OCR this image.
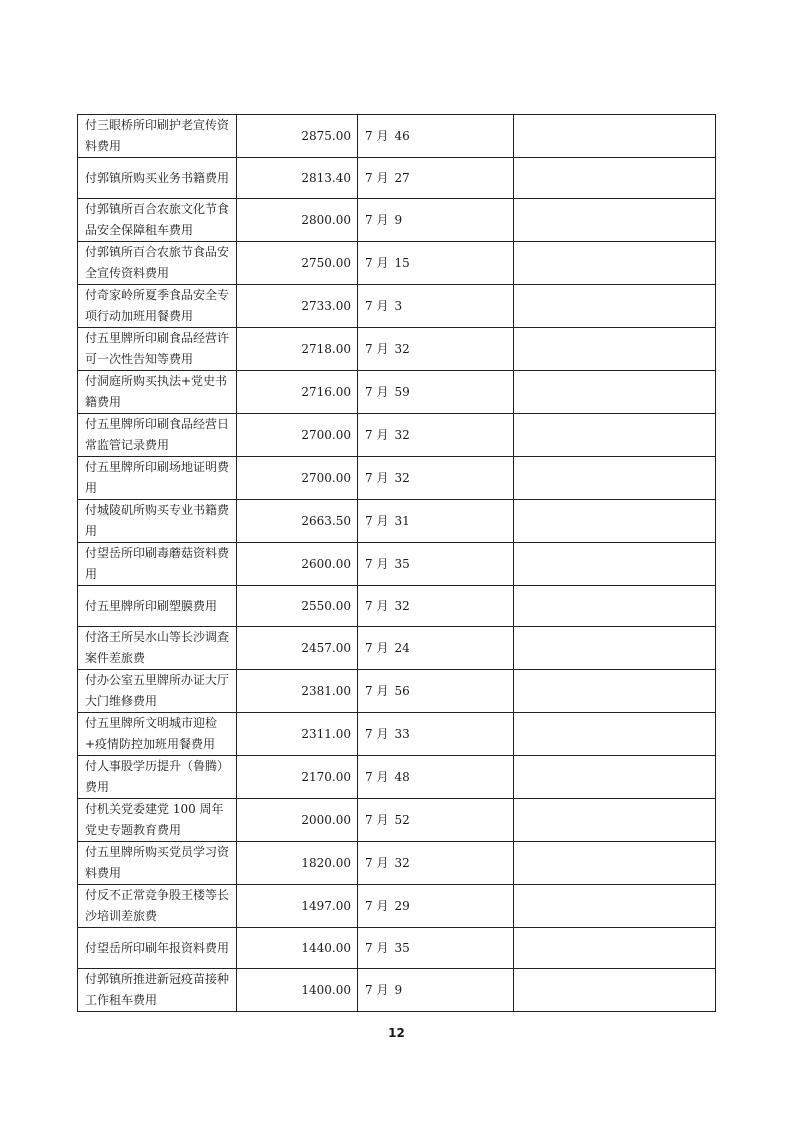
付三眼桥所印刷护老宣传资料费用	2875.00	7 月 46	
付郭镇所购买业务书籍费用	2813.40	7 月 27	
付郭镇所百合农旅文化节食品安全保障租车费用	2800.00	7 月 9	
付郭镇所百合农旅节食品安全宣传资料费用	2750.00	7 月 15	
付奇家岭所夏季食品安全专项行动加班用餐费用	2733.00	7 月 3	
付五里牌所印刷食品经营许可一次性告知等费用	2718.00	7 月 32	
付洞庭所购买执法+党史书籍费用	2716.00	7 月 59	
付五里牌所印刷食品经营日常监管记录费用	2700.00	7 月 32	
付五里牌所印刷场地证明费用	2700.00	7 月 32	
付城陵矶所购买专业书籍费用	2663.50	7 月 31	
付望岳所印刷毒蘑菇资料费用	2600.00	7 月 35	
付五里牌所印刷塑膜费用	2550.00	7 月 32	
付洛王所吴水山等长沙调查案件差旅费	2457.00	7 月 24	
付办公室五里牌所办证大厅大门维修费用	2381.00	7 月 56	
付五里牌所文明城市迎检+疫情防控加班用餐费用	2311.00	7 月 33	
付人事股学历提升（鲁腾）费用	2170.00	7 月 48	
付机关党委建党 100 周年党史专题教育费用	2000.00	7 月 52	
付五里牌所购买党员学习资料费用	1820.00	7 月 32	
付反不正常竞争股王楼等长沙培训差旅费	1497.00	7 月 29	
付望岳所印刷年报资料费用	1440.00	7 月 35	
付郭镇所推进新冠疫苗接种工作租车费用	1400.00	7 月 9	
12
